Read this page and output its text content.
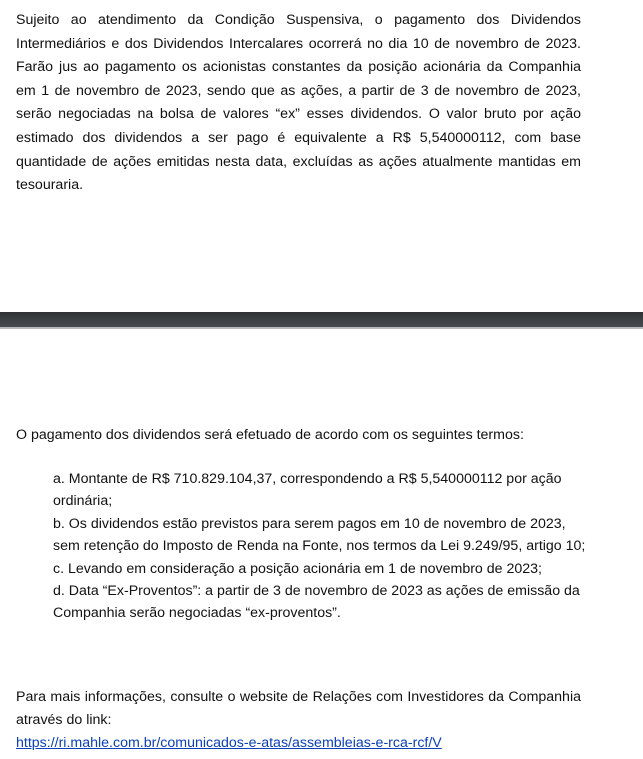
Sujeito ao atendimento da Condição Suspensiva, o pagamento dos Dividendos Intermediários e dos Dividendos Intercalares ocorrerá no dia 10 de novembro de 2023. Farão jus ao pagamento os acionistas constantes da posição acionária da Companhia em 1 de novembro de 2023, sendo que as ações, a partir de 3 de novembro de 2023, serão negociadas na bolsa de valores “ex” esses dividendos. O valor bruto por ação estimado dos dividendos a ser pago é equivalente a R$ 5,540000112, com base quantidade de ações emitidas nesta data, excluídas as ações atualmente mantidas em tesouraria.

O pagamento dos dividendos será efetuado de acordo com os seguintes termos:

a. Montante de R$ 710.829.104,37, correspondendo a R$ 5,540000112 por ação ordinária;
b. Os dividendos estão previstos para serem pagos em 10 de novembro de 2023, sem retenção do Imposto de Renda na Fonte, nos termos da Lei 9.249/95, artigo 10;
c. Levando em consideração a posição acionária em 1 de novembro de 2023;
d. Data “Ex-Proventos”: a partir de 3 de novembro de 2023 as ações de emissão da Companhia serão negociadas “ex-proventos”.
Para mais informações, consulte o website de Relações com Investidores da Companhia através do link:
https://ri.mahle.com.br/comunicados-e-atas/assembleias-e-rca-rcf/V
